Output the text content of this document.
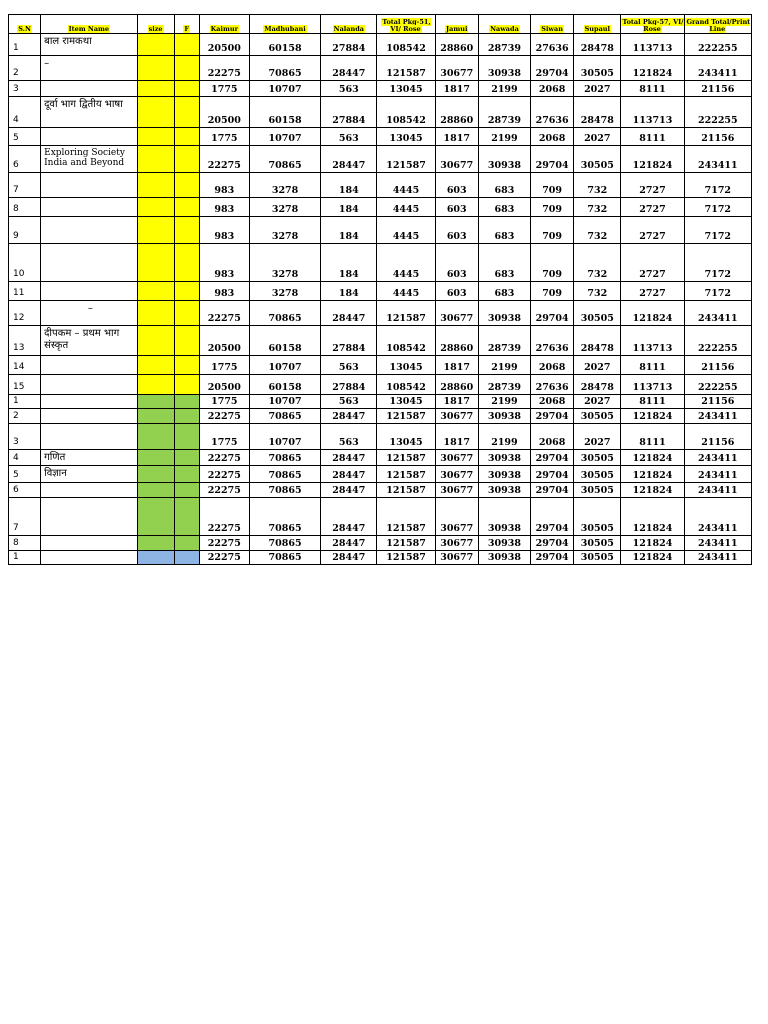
S.N	Item Name	size	F	Kaimur	Madhubani	Nalanda	Total Pkg-51, VI/ Rose	Jamui	Nawada	Siwan	Supaul	Total Pkg-57, VI/ Rose	Grand Total/Print Line
1	बाल रामकथा			20500	60158	27884	108542	28860	28739	27636	28478	113713	222255
2	–			22275	70865	28447	121587	30677	30938	29704	30505	121824	243411
3				1775	10707	563	13045	1817	2199	2068	2027	8111	21156
4	दूर्वा भाग द्वितीय भाषा			20500	60158	27884	108542	28860	28739	27636	28478	113713	222255
5				1775	10707	563	13045	1817	2199	2068	2027	8111	21156
6	Exploring Society India and Beyond			22275	70865	28447	121587	30677	30938	29704	30505	121824	243411
7				983	3278	184	4445	603	683	709	732	2727	7172
8				983	3278	184	4445	603	683	709	732	2727	7172
9				983	3278	184	4445	603	683	709	732	2727	7172
10				983	3278	184	4445	603	683	709	732	2727	7172
11				983	3278	184	4445	603	683	709	732	2727	7172
12	–			22275	70865	28447	121587	30677	30938	29704	30505	121824	243411
13	दीपकम – प्रथम भाग संस्कृत			20500	60158	27884	108542	28860	28739	27636	28478	113713	222255
14				1775	10707	563	13045	1817	2199	2068	2027	8111	21156
15				20500	60158	27884	108542	28860	28739	27636	28478	113713	222255
1				1775	10707	563	13045	1817	2199	2068	2027	8111	21156
2				22275	70865	28447	121587	30677	30938	29704	30505	121824	243411
3				1775	10707	563	13045	1817	2199	2068	2027	8111	21156
4	गणित			22275	70865	28447	121587	30677	30938	29704	30505	121824	243411
5	विज्ञान			22275	70865	28447	121587	30677	30938	29704	30505	121824	243411
6				22275	70865	28447	121587	30677	30938	29704	30505	121824	243411
7				22275	70865	28447	121587	30677	30938	29704	30505	121824	243411
8				22275	70865	28447	121587	30677	30938	29704	30505	121824	243411
1				22275	70865	28447	121587	30677	30938	29704	30505	121824	243411
